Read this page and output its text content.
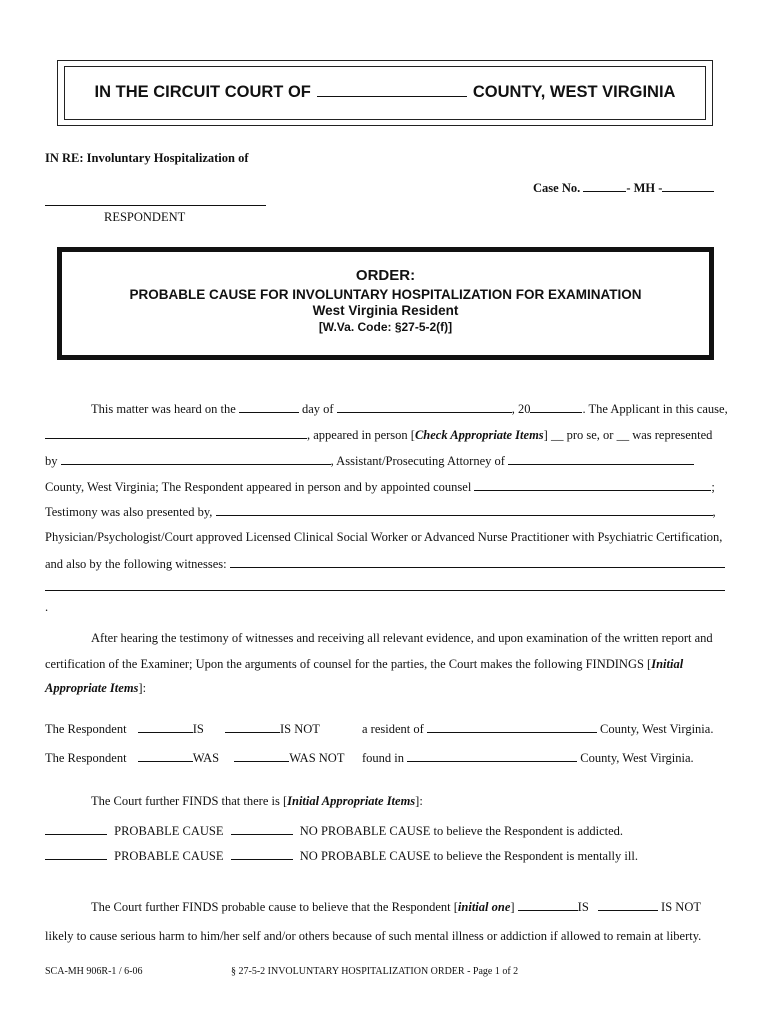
IN THE CIRCUIT COURT OF	COUNTY, WEST VIRGINIA
IN RE: Involuntary Hospitalization of
Case No.	- MH -
RESPONDENT
ORDER:
PROBABLE CAUSE FOR INVOLUNTARY HOSPITALIZATION FOR EXAMINATION
West Virginia Resident
[W.Va. Code: §27-5-2(f)]
This matter was heard on the	day of	, 20	. The Applicant in this cause,
, appeared in person [Check Appropriate Items] __ pro se, or __ was represented
by	, Assistant/Prosecuting Attorney of
County, West Virginia; The Respondent appeared in person and by appointed counsel	;
Testimony was also presented by,	,
Physician/Psychologist/Court approved Licensed Clinical Social Worker or Advanced Nurse Practitioner with Psychiatric Certification,
and also by the following witnesses:
.
After hearing the testimony of witnesses and receiving all relevant evidence, and upon examination of the written report and
certification of the Examiner; Upon the arguments of counsel for the parties, the Court makes the following FINDINGS [Initial
Appropriate Items]:
The Respondent	IS	IS NOT	a resident of	County, West Virginia.
The Respondent	WAS	WAS NOT found in	County, West Virginia.
The Court further FINDS that there is [Initial Appropriate Items]:
PROBABLE CAUSE	NO PROBABLE CAUSE to believe the Respondent is addicted.
PROBABLE CAUSE	NO PROBABLE CAUSE to believe the Respondent is mentally ill.
The Court further FINDS probable cause to believe that the Respondent [initial one]	IS	IS NOT
likely to cause serious harm to him/her self and/or others because of such mental illness or addiction if allowed to remain at liberty.
SCA-MH 906R-1 / 6-06	§ 27-5-2 INVOLUNTARY HOSPITALIZATION ORDER - Page 1 of 2
